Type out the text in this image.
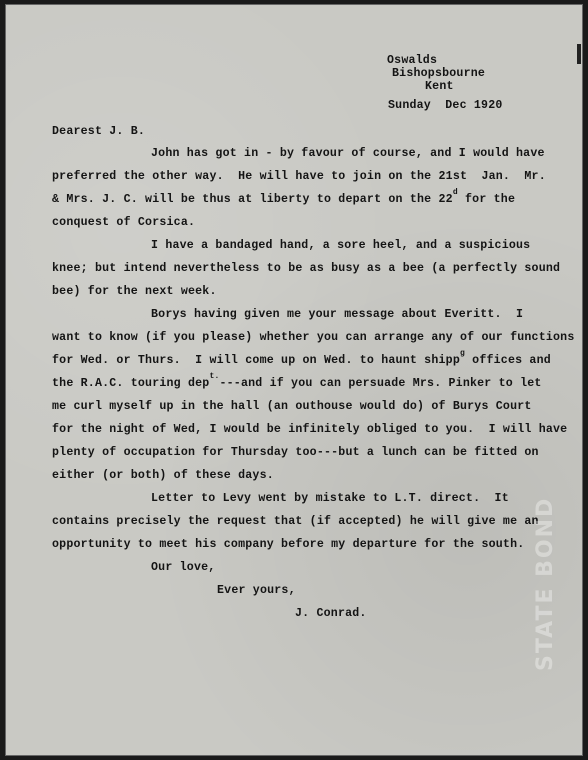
Oswalds
Bishopsbourne
Kent
Sunday  Dec 1920
Dearest J. B.
John has got in - by favour of course, and I would have
preferred the other way.  He will have to join on the 21st  Jan.  Mr.
& Mrs. J. C. will be thus at liberty to depart on the 22$^d$ for the
conquest of Corsica.
I have a bandaged hand, a sore heel, and a suspicious
knee; but intend nevertheless to be as busy as a bee (a perfectly sound
bee) for the next week.
Borys having given me your message about Everitt.  I
want to know (if you please) whether you can arrange any of our functions
for Wed. or Thurs.  I will come up on Wed. to haunt shipp$^g$ offices and
the R.A.C. touring dep$^{t.}$---and if you can persuade Mrs. Pinker to let
me curl myself up in the hall (an outhouse would do) of Burys Court
for the night of Wed, I would be infinitely obliged to you.  I will have
plenty of occupation for Thursday too---but a lunch can be fitted on
either (or both) of these days.
Letter to Levy went by mistake to L.T. direct.  It
contains precisely the request that (if accepted) he will give me an
opportunity to meet his company before my departure for the south.
Our love,
Ever yours,
J. Conrad.	STATE BOND
